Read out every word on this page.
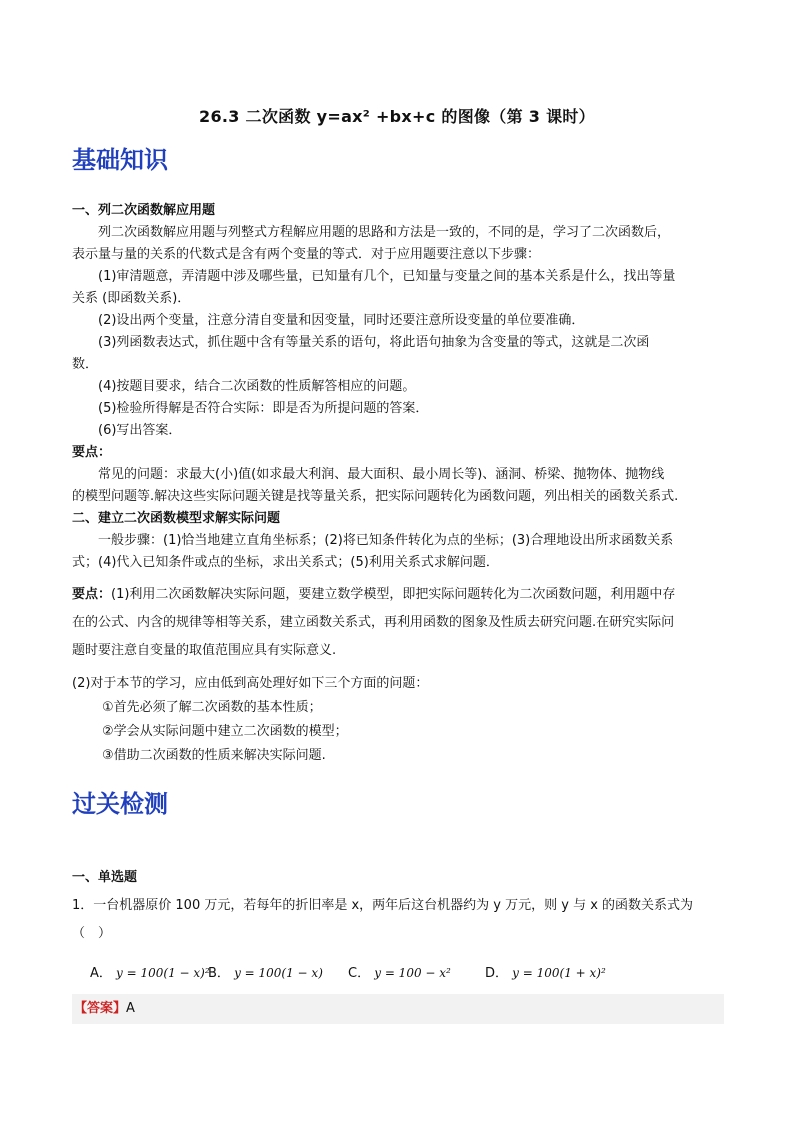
26.3 二次函数 y=ax² +bx+c 的图像（第 3 课时）
基础知识
一、列二次函数解应用题
列二次函数解应用题与列整式方程解应用题的思路和方法是一致的，不同的是，学习了二次函数后，
表示量与量的关系的代数式是含有两个变量的等式．对于应用题要注意以下步骤：
(1)审清题意，弄清题中涉及哪些量，已知量有几个，已知量与变量之间的基本关系是什么，找出等量
关系 (即函数关系)．
(2)设出两个变量，注意分清自变量和因变量，同时还要注意所设变量的单位要准确．
(3)列函数表达式，抓住题中含有等量关系的语句，将此语句抽象为含变量的等式，这就是二次函
数．
(4)按题目要求，结合二次函数的性质解答相应的问题。
(5)检验所得解是否符合实际：即是否为所提问题的答案．
(6)写出答案．
要点：
常见的问题：求最大(小)值(如求最大利润、最大面积、最小周长等)、涵洞、桥梁、抛物体、抛物线
的模型问题等.解决这些实际问题关键是找等量关系，把实际问题转化为函数问题，列出相关的函数关系式.
二、建立二次函数模型求解实际问题
一般步骤：(1)恰当地建立直角坐标系；(2)将已知条件转化为点的坐标；(3)合理地设出所求函数关系
式；(4)代入已知条件或点的坐标，求出关系式；(5)利用关系式求解问题．
要点：(1)利用二次函数解决实际问题，要建立数学模型，即把实际问题转化为二次函数问题，利用题中存
在的公式、内含的规律等相等关系，建立函数关系式，再利用函数的图象及性质去研究问题.在研究实际问
题时要注意自变量的取值范围应具有实际意义.
(2)对于本节的学习，应由低到高处理好如下三个方面的问题：
①首先必须了解二次函数的基本性质；
②学会从实际问题中建立二次函数的模型；
③借助二次函数的性质来解决实际问题.
过关检测
一、单选题
1．一台机器原价 100 万元，若每年的折旧率是 x，两年后这台机器约为 y 万元，则 y 与 x 的函数关系式为
（　）
A． y = 100(1 − x)²
B． y = 100(1 − x) C． y = 100 − x²	D． y = 100(1 + x)²
【答案】A
